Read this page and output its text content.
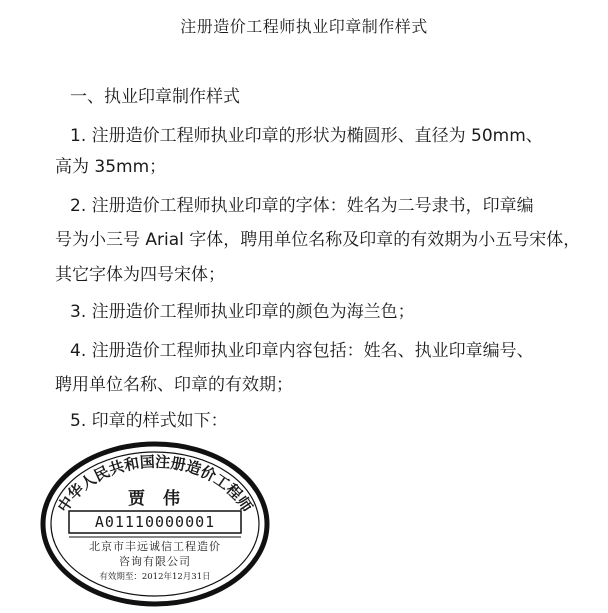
注册造价工程师执业印章制作样式
一、执业印章制作样式
1. 注册造价工程师执业印章的形状为椭圆形、直径为 50mm、
高为 35mm；
2. 注册造价工程师执业印章的字体：姓名为二号隶书，印章编
号为小三号 Arial 字体，聘用单位名称及印章的有效期为小五号宋体，
其它字体为四号宋体；
3. 注册造价工程师执业印章的颜色为海兰色；
4. 注册造价工程师执业印章内容包括：姓名、执业印章编号、
聘用单位名称、印章的有效期；
5. 印章的样式如下：
中华人民共和国注册造价工程师
贾伟
A01110000001
北京市丰远诚信工程造价
咨询有限公司
有效期至：2012年12月31日
